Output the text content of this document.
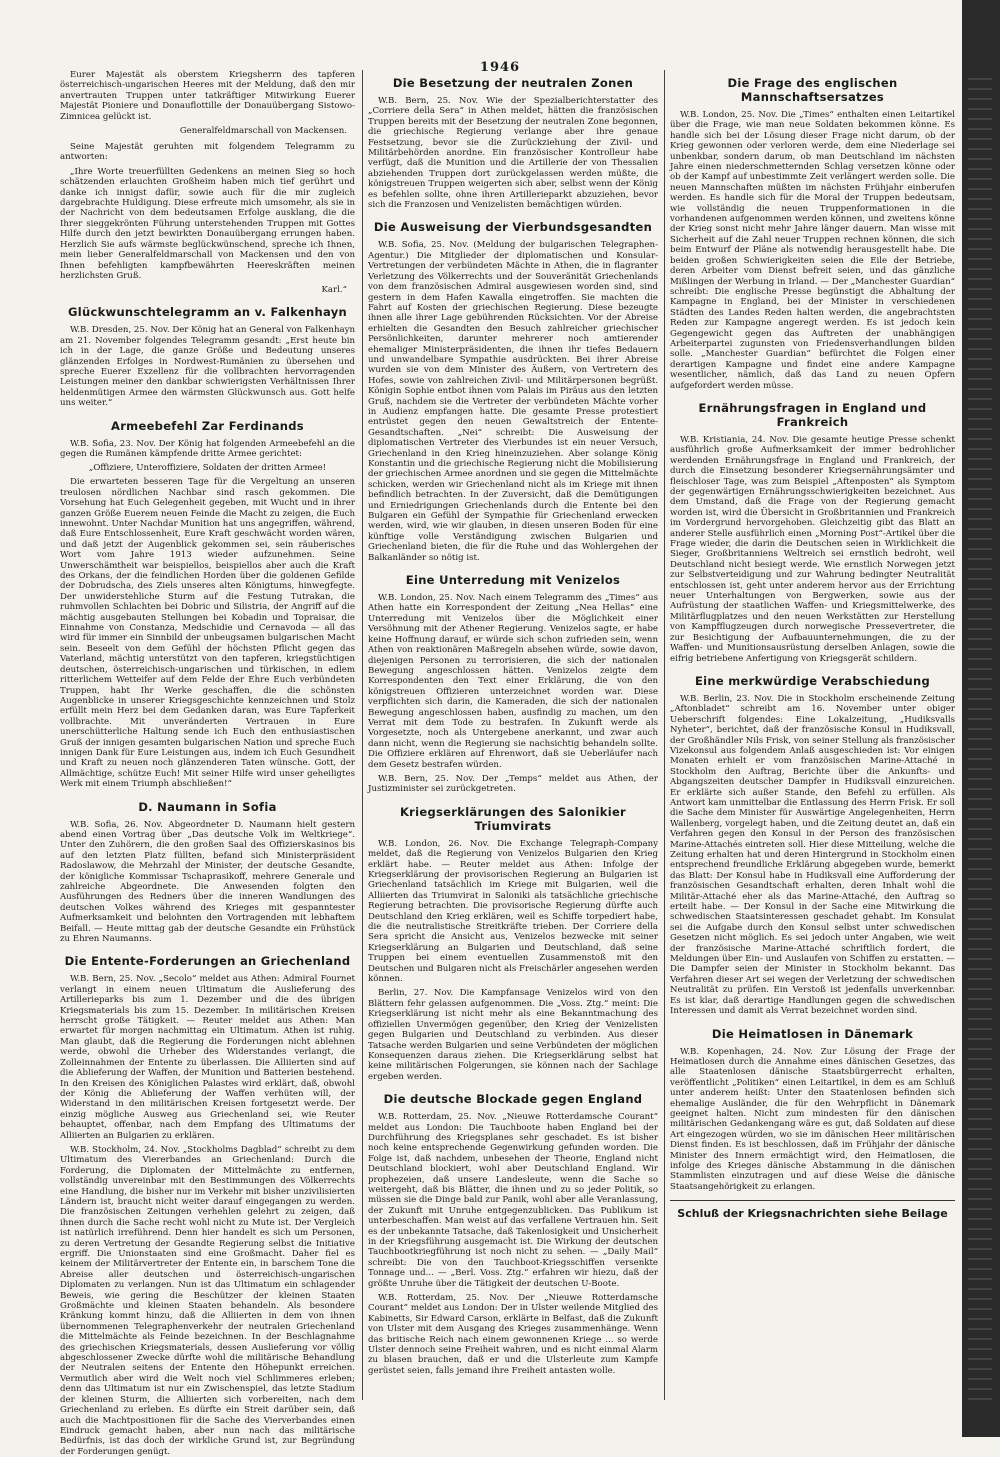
1946

Eurer Majestät als oberstem Kriegsherrn des tapferen österreichisch-ungarischen Heeres mit der Meldung, daß den mir anvertrauten Truppen unter tatkräftiger Mitwirkung Euerer Majestät Pioniere und Donauflottille der Donauübergang Sistowo-Zimnicea gelückt ist.

Generalfeldmarschall von Mackensen.

Seine Majestät geruhten mit folgendem Telegramm zu antworten:

„Ihre Worte treuerfüllten Gedenkens an meinen Sieg so hoch schätzenden erlauchten Großheim haben mich tief gerührt und danke ich innigst dafür, sowie auch für die mir zugleich dargebrachte Huldigung. Diese erfreute mich umsomehr, als sie in der Nachricht von dem bedeutsamen Erfolge ausklang, die die Ihrer sieggekrönten Führung unterstehenden Truppen mit Gottes Hilfe durch den jetzt bewirkten Donauübergang errungen haben. Herzlich Sie aufs wärmste beglückwünschend, spreche ich Ihnen, mein lieber Generalfeldmarschall von Mackensen und den von Ihnen befehligten kampfbewährten Heereskräften meinen herzlichsten Gruß.

Karl.“
Glückwunschtelegramm an v. Falkenhayn

W.B. Dresden, 25. Nov. Der König hat an General von Falkenhayn am 21. November folgendes Telegramm gesandt: „Erst heute bin ich in der Lage, die ganze Größe und Bedeutung unseres glänzenden Erfolges in Nordwest-Rumänien zu übersehen und spreche Euerer Exzellenz für die vollbrachten hervorragenden Leistungen meiner den dankbar schwierigsten Verhältnissen Ihrer heldenmütigen Armee den wärmsten Glückwunsch aus. Gott helfe uns weiter.“

Armeebefehl Zar Ferdinands

W.B. Sofia, 23. Nov. Der König hat folgenden Armeebefehl an die gegen die Rumänen kämpfende dritte Armee gerichtet:

„Offiziere, Unteroffiziere, Soldaten der dritten Armee!

Die erwarteten besseren Tage für die Vergeltung an unseren treulosen nördlichen Nachbar sind rasch gekommen. Die Vorsehung hat Euch Gelegenheit gegeben, mit Wucht und in ihrer ganzen Größe Euerem neuen Feinde die Macht zu zeigen, die Euch innewohnt. Unter Nachdar Munition hat uns angegriffen, während, daß Eure Entschlossenheit, Eure Kraft geschwächt worden wären, und daß jetzt der Augenblick gekommen sei, sein räuberisches Wort vom Jahre 1913 wieder aufzunehmen. Seine Unwerschämtheit war beispiellos, beispiellos aber auch die Kraft des Orkans, der die feindlichen Horden über die goldenen Gefilde der Dobrudscha, des Ziels unseres alten Königtums, hinwegfegte. Der unwiderstehliche Sturm auf die Festung Tutrakan, die ruhmvollen Schlachten bei Dobric und Silistria, der Angriff auf die mächtig ausgebauten Stellungen bei Kobadin und Topraisar, die Einnahme von Constanza, Medschidie und Cernavoda — all das wird für immer ein Sinnbild der unbeugsamen bulgarischen Macht sein. Beseelt von dem Gefühl der höchsten Pflicht gegen das Vaterland, mächtig unterstützt von den tapferen, kriegstüchtigen deutschen, österreichisch-ungarischen und türkischen, in edlem ritterlichem Wetteifer auf dem Felde der Ehre Euch verbündeten Truppen, habt Ihr Werke geschaffen, die die schönsten Augenblicke in unserer Kriegsgeschichte kennzeichnen und Stolz erfüllt mein Herz bei dem Gedanken daran, was Eure Tapferkeit vollbrachte. Mit unveränderten Vertrauen in Eure unerschütterliche Haltung sende ich Euch den enthusiastischen Gruß der innigen gesamten bulgarischen Nation und spreche Euch innigen Dank für Eure Leistungen aus, indem ich Euch Gesundheit und Kraft zu neuen noch glänzenderen Taten wünsche. Gott, der Allmächtige, schütze Euch! Mit seiner Hilfe wird unser geheiligtes Werk mit einem Triumph abschließen!“

D. Naumann in Sofia

W.B. Sofia, 26. Nov. Abgeordneter D. Naumann hielt gestern abend einen Vortrag über „Das deutsche Volk im Weltkriege“. Unter den Zuhörern, die den großen Saal des Offizierskasinos bis auf den letzten Platz füllten, befand sich Ministerpräsident Radoslawow, die Mehrzahl der Minister, der deutsche Gesandte, der königliche Kommissar Tschaprasikoff, mehrere Generale und zahlreiche Abgeordnete. Die Anwesenden folgten den Ausführungen des Redners über die inneren Wandlungen des deutschen Volkes während des Krieges mit gespanntester Aufmerksamkeit und belohnten den Vortragenden mit lebhaftem Beifall. — Heute mittag gab der deutsche Gesandte ein Frühstück zu Ehren Naumanns.

Die Entente-Forderungen an Griechenland

W.B. Bern, 25. Nov. „Secolo“ meldet aus Athen: Admiral Fournet verlangt in einem neuen Ultimatum die Auslieferung des Artillerieparks bis zum 1. Dezember und die des übrigen Kriegsmaterials bis zum 15. Dezember. In militärischen Kreisen herrscht große Tätigkeit. — Reuter meldet aus Athen: Man erwartet für morgen nachmittag ein Ultimatum. Athen ist ruhig. Man glaubt, daß die Regierung die Forderungen nicht ablehnen werde, obwohl die Urheber des Widerstandes verlangt, die Zolleinnahmen der Entente zu überlassen. Die Alliierten sind auf die Ablieferung der Waffen, der Munition und Batterien bestehend. In den Kreisen des Königlichen Palastes wird erklärt, daß, obwohl der König die Ablieferung der Waffen verhüten will, der Widerstand in den militärischen Kreisen fortgesetzt werde. Der einzig mögliche Ausweg aus Griechenland sei, wie Reuter behauptet, offenbar, nach dem Empfang des Ultimatums der Alliierten an Bulgarien zu erklären.

W.B. Stockholm, 24. Nov. „Stockholms Dagblad“ schreibt zu dem Ultimatum des Viererbandes an Griechenland: Durch die Forderung, die Diplomaten der Mittelmächte zu entfernen, vollständig unvereinbar mit den Bestimmungen des Völkerrechts eine Handlung, die bisher nur im Verkehr mit bisher unzivilisierten Ländern ist, braucht nicht weiter darauf eingegangen zu werden. Die französischen Zeitungen verhehlen gelehrt zu zeigen, daß ihnen durch die Sache recht wohl nicht zu Mute ist. Der Vergleich ist natürlich irreführend. Denn hier handelt es sich um Personen, zu deren Vertretung der Gesandte Regierung selbst die Initiative ergriff. Die Unionstaaten sind eine Großmacht. Daher fiel es keinem der Militärvertreter der Entente ein, in barschem Tone die Abreise aller deutschen und österreichisch-ungarischen Diplomaten zu verlangen. Nun ist das Ultimatum ein schlagender Beweis, wie gering die Beschützer der kleinen Staaten Großmächte und kleinen Staaten behandeln. Als besondere Kränkung kommt hinzu, daß die Alliierten in dem von ihnen übernommenen Telegraphenverkehr der neutralen Griechenland die Mittelmächte als Feinde bezeichnen. In der Beschlagnahme des griechischen Kriegsmaterials, dessen Auslieferung vor völlig abgeschlossener Zwecke dürfte wohl die militärische Behandlung der Neutralen seitens der Entente den Höhepunkt erreichen. Vermutlich aber wird die Welt noch viel Schlimmeres erleben; denn das Ultimatum ist nur ein Zwischenspiel, das letzte Stadium der kleinen Sturm, die Alliierten sich vorbereiten, nach dem Griechenland zu erleben. Es dürfte ein Streit darüber sein, daß auch die Machtpositionen für die Sache des Vierverbandes einen Eindruck gemacht haben, aber nun nach das militärische Bedürfnis, ist das doch der wirkliche Grund ist, zur Begründung der Forderungen genügt.

Die Besetzung der neutralen Zonen

W.B. Bern, 25. Nov. Wie der Spezialberichterstatter des „Corriere della Sera“ in Athen meldet, hätten die französischen Truppen bereits mit der Besetzung der neutralen Zone begonnen, die griechische Regierung verlange aber ihre genaue Festsetzung, bevor sie die Zurückziehung der Zivil- und Militärbehörden anordne. Ein französischer Kontrolleur habe verfügt, daß die Munition und die Artillerie der von Thessalien abziehenden Truppen dort zurückgelassen werden müßte, die königstreuen Truppen weigerten sich aber, selbst wenn der König es befehlen sollte, ohne ihren Artillerieparkt abzuziehen, bevor sich die Franzosen und Venizelisten bemächtigen würden.

Die Ausweisung der Vierbundsgesandten

W.B. Sofia, 25. Nov. (Meldung der bulgarischen Telegraphen-Agentur.) Die Mitglieder der diplomatischen und Konsular-Vertretungen der verbündeten Mächte in Athen, die in flagranter Verletzung des Völkerrechts und der Souveränität Griechenlands von dem französischen Admiral ausgewiesen worden sind, sind gestern in dem Hafen Kawalla eingetroffen. Sie machten die Fahrt auf Kosten der griechischen Regierung. Diese bezeugte ihnen alle ihrer Lage gebührenden Rücksichten. Vor der Abreise erhielten die Gesandten den Besuch zahlreicher griechischer Persönlichkeiten, darunter mehrerer noch amtierender ehemaliger Ministerpräsidenten, die ihnen ihr tiefes Bedauern und unwandelbare Sympathie ausdrückten. Bei ihrer Abreise wurden sie von dem Minister des Äußern, von Vertretern des Hofes, sowie von zahlreichen Zivil- und Militärpersonen begrüßt. Königin Sophie entbot ihnen vom Palais im Piräus aus den letzten Gruß, nachdem sie die Vertreter der verbündeten Mächte vorher in Audienz empfangen hatte. Die gesamte Presse protestiert entrüstet gegen den neuen Gewaltstreich der Entente-Gesandtschaften. „Nei“ schreibt: Die Ausweisung der diplomatischen Vertreter des Vierbundes ist ein neuer Versuch, Griechenland in den Krieg hineinzuziehen. Aber solange König Konstantin und die griechische Regierung nicht die Mobilisierung der griechischen Armee anordnen und sie gegen die Mittelmächte schicken, werden wir Griechenland nicht als im Kriege mit ihnen befindlich betrachten. In der Zuversicht, daß die Demütigungen und Erniedrigungen Griechenlands durch die Entente bei den Bulgaren ein Gefühl der Sympathie für Griechenland erwecken werden, wird, wie wir glauben, in diesen unseren Boden für eine künftige volle Verständigung zwischen Bulgarien und Griechenland bieten, die für die Ruhe und das Wohlergehen der Balkanländer so nötig ist.

Eine Unterredung mit Venizelos

W.B. London, 25. Nov. Nach einem Telegramm des „Times“ aus Athen hatte ein Korrespondent der Zeitung „Nea Hellas“ eine Unterredung mit Venizelos über die Möglichkeit einer Versöhnung mit der Athener Regierung. Venizelos sagte, er habe keine Hoffnung darauf, er würde sich schon zufrieden sein, wenn Athen von reaktionären Maßregeln absehen würde, sowie davon, diejenigen Personen zu terrorisieren, die sich der nationalen Bewegung angeschlossen hätten. Venizelos zeigte dem Korrespondenten den Text einer Erklärung, die von den königstreuen Offizieren unterzeichnet worden war. Diese verpflichten sich darin, die Kameraden, die sich der nationalen Bewegung angeschlossen haben, ausfindig zu machen, um den Verrat mit dem Tode zu bestrafen. In Zukunft werde als Vorgesetzte, noch als Untergebene anerkannt, und zwar auch dann nicht, wenn die Regierung sie nachsichtig behandeln sollte. Die Offiziere erklären auf Ehrenwort, daß sie Ueberläufer nach dem Gesetz bestrafen würden.

W.B. Bern, 25. Nov. Der „Temps“ meldet aus Athen, der Justizminister sei zurückgetreten.

Kriegserklärungen des Salonikier Triumvirats

W.B. London, 26. Nov. Die Exchange Telegraph-Company meldet, daß die Regierung von Venizelos Bulgarien den Krieg erklärt habe. — Reuter meldet aus Athen: Infolge der Kriegserklärung der provisorischen Regierung an Bulgarien ist Griechenland tatsächlich im Kriege mit Bulgarien, weil die Alliierten das Triumvirat in Saloniki als tatsächliche griechische Regierung betrachten. Die provisorische Regierung dürfte auch Deutschland den Krieg erklären, weil es Schiffe torpediert habe, die die neutralistische Streitkräfte trieben. Der Corriere della Sera spricht die Ansicht aus, Venizelos bezwecke mit seiner Kriegserklärung an Bulgarien und Deutschland, daß seine Truppen bei einem eventuellen Zusammenstoß mit den Deutschen und Bulgaren nicht als Freischärler angesehen werden können.

Berlin, 27. Nov. Die Kampfansage Venizelos wird von den Blättern fehr gelassen aufgenommen. Die „Voss. Ztg.“ meint: Die Kriegserklärung ist nicht mehr als eine Bekanntmachung des offiziellen Unvermögen gegenüber, den Krieg der Venizelisten gegen Bulgarien und Deutschland zu verbinden. Aus dieser Tatsache werden Bulgarien und seine Verbündeten der möglichen Konsequenzen daraus ziehen. Die Kriegserklärung selbst hat keine militärischen Folgerungen, sie können nach der Sachlage ergeben werden.

Die deutsche Blockade gegen England

W.B. Rotterdam, 25. Nov. „Nieuwe Rotterdamsche Courant“ meldet aus London: Die Tauchboote haben England bei der Durchführung des Kriegsplanes sehr geschadet. Es ist bisher noch keine entsprechende Gegenwirkung gefunden worden. Die Folge ist, daß nachdem, unbesehen der Theorie, England nicht Deutschland blockiert, wohl aber Deutschland England. Wir prophezeien, daß unsere Landesleute, wenn die Sache so weitergeht, daß bis Blätter, die ihnen und zu so jeder Politik, so müssen sie die Dinge bald zur Panik, wohl aber alle Veranlassung, der Zukunft mit Unruhe entgegenzublicken. Das Publikum ist unterbeschaffen. Man weist auf das verfallene Vertrauen hin. Seit es der unbekannte Tatsache, daß Takenlosigkeit und Unsicherheit in der Kriegsführung ausgemacht ist. Die Wirkung der deutschen Tauchbootkriegführung ist noch nicht zu sehen. — „Daily Mail“ schreibt: Die von den Tauchboot-Kriegsschiffen versenkte Tonnage und... — „Berl. Voss. Ztg.“ erfahren wir hiezu, daß der größte Unruhe über die Tätigkeit der deutschen U-Boote.

W.B. Rotterdam, 25. Nov. Der „Nieuwe Rotterdamsche Courant“ meldet aus London: Der in Ulster weilende Mitglied des Kabinetts, Sir Edward Carson, erklärte in Belfast, daß die Zukunft von Ulster mit dem Ausgang des Krieges zusammenhänge. Wenn das britische Reich nach einem gewonnenen Kriege ... so werde Ulster dennoch seine Freiheit wahren, und es nicht einmal Alarm zu blasen brauchen, daß er und die Ulsterleute zum Kampfe gerüstet seien, falls jemand ihre Freiheit antasten wolle.

Die Frage des englischen Mannschaftsersatzes

W.B. London, 25. Nov. Die „Times“ enthalten einen Leitartikel über die Frage, wie man neue Soldaten bekommen könne. Es handle sich bei der Lösung dieser Frage nicht darum, ob der Krieg gewonnen oder verloren werde, dem eine Niederlage sei unbenkbar, sondern darum, ob man Deutschland im nächsten Jahre einen niederschmetternden Schlag versetzen könne oder ob der Kampf auf unbestimmte Zeit verlängert werden solle. Die neuen Mannschaften müßten im nächsten Frühjahr einberufen werden. Es handle sich für die Moral der Truppen bedeutsam, wie vollständig die neuen Truppenformationen in die vorhandenen aufgenommen werden können, und zweitens könne der Krieg sonst nicht mehr Jahre länger dauern. Man wisse mit Sicherheit auf die Zahl neuer Truppen rechnen können, die sich beim Entwurf der Pläne als notwendig herausgestellt habe. Die beiden großen Schwierigkeiten seien die Eile der Betriebe, deren Arbeiter vom Dienst befreit seien, und das gänzliche Mißlingen der Werbung in Irland. — Der „Manchester Guardian“ schreibt: Die englische Presse begünstigt die Abhaltung der Kampagne in England, bei der Minister in verschiedenen Städten des Landes Reden halten werden, die angebrachtsten Reden zur Kampagne angeregt werden. Es ist jedoch kein Gegengewicht gegen das Auftreten der unabhängigen Arbeiterpartei zugunsten von Friedensverhandlungen bilden solle. „Manchester Guardian“ befürchtet die Folgen einer derartigen Kampagne und findet eine andere Kampagne wesentlicher, nämlich, daß das Land zu neuen Opfern aufgefordert werden müsse.

Ernährungsfragen in England und Frankreich

W.B. Kristiania, 24. Nov. Die gesamte heutige Presse schenkt ausführlich große Aufmerksamkeit der immer bedrohlicher werdenden Ernährungsfrage in England und Frankreich, der durch die Einsetzung besonderer Kriegsernährungsämter und fleischloser Tage, was zum Beispiel „Aftenposten“ als Symptom der gegenwärtigen Ernährungsschwierigkeiten bezeichnet. Aus dem Umstand, daß die Frage von der Regierung gemacht worden ist, wird die Übersicht in Großbritannien und Frankreich im Vordergrund hervorgehoben. Gleichzeitig gibt das Blatt an anderer Stelle ausführlich einen „Morning Post“-Artikel über die Frage wieder, die darin die Deutschen seien in Wirklichkeit die Sieger, Großbritanniens Weltreich sei ernstlich bedroht, weil Deutschland nicht besiegt werde. Wie ernstlich Norwegen jetzt zur Selbstverteidigung und zur Wahrung bedingter Neutralität entschlossen ist, geht unter anderem hervor aus der Errichtung neuer Unterhaltungen von Bergwerken, sowie aus der Aufrüstung der staatlichen Waffen- und Kriegsmittelwerke, des Militärflugplatzes und den neuen Werkstätten zur Herstellung von Kampfflugzeugen durch norwegische Pressevertreter, die zur Besichtigung der Aufbauunternehmungen, die zu der Waffen- und Munitionsausrüstung derselben Anlagen, sowie die eifrig betriebene Anfertigung von Kriegsgerät schildern.

Eine merkwürdige Verabschiedung

W.B. Berlin, 23. Nov. Die in Stockholm erscheinende Zeitung „Aftonbladet“ schreibt am 16. November unter obiger Ueberschrift folgendes: Eine Lokalzeitung, „Hudiksvalls Nyheter“, berichtet, daß der französische Konsul in Hudiksvall, der Großhändler Nils Frisk, von seiner Stellung als französischer Vizekonsul aus folgendem Anlaß ausgeschieden ist: Vor einigen Monaten erhielt er vom französischen Marine-Attaché in Stockholm den Auftrag, Berichte über die Ankunfts- und Abgangszeiten deutscher Dampfer in Hudiksvall einzureichen. Er erklärte sich außer Stande, den Befehl zu erfüllen. Als Antwort kam unmittelbar die Entlassung des Herrn Frisk. Er soll die Sache dem Minister für Auswärtige Angelegenheiten, Herrn Wallenberg, vorgelegt haben, und die Zeitung deutet an, daß ein Verfahren gegen den Konsul in der Person des französischen Marine-Attachés eintreten soll. Hier diese Mitteilung, welche die Zeitung erhalten hat und deren Hintergrund in Stockholm einen entsprechend freundliche Erklärung abgegeben wurde, bemerkt das Blatt: Der Konsul habe in Hudiksvall eine Aufforderung der französischen Gesandtschaft erhalten, deren Inhalt wohl die Militär-Attaché eher als das Marine-Attaché, den Auftrag so erteilt habe. — Der Konsul in der Sache eine Mitwirkung die schwedischen Staatsinteressen geschadet gehabt. Im Konsulat sei die Aufgabe durch den Konsul selbst unter schwedischen Gesetzen nicht möglich. Es sei jedoch unter Angaben, wie weit der französische Marine-Attaché schriftlich fordert, die Meldungen über Ein- und Auslaufen von Schiffen zu erstatten. — Die Dampfer seien der Minister in Stockholm bekannt. Das Verfahren dieser Art sei wegen der Verletzung der schwedischen Neutralität zu prüfen. Ein Verstoß ist jedenfalls unverkennbar. Es ist klar, daß derartige Handlungen gegen die schwedischen Interessen und damit als Verrat bezeichnet worden sind.

Die Heimatlosen in Dänemark

W.B. Kopenhagen, 24. Nov. Zur Lösung der Frage der Heimatlosen durch die Annahme eines dänischen Gesetzes, das alle Staatenlosen dänische Staatsbürgerrecht erhalten, veröffentlicht „Politiken“ einen Leitartikel, in dem es am Schluß unter anderem heißt: Unter den Staatenlosen befinden sich ehemalige Ausländer, die für den Wehrpflicht in Dänemark geeignet halten. Nicht zum mindesten für den dänischen militärischen Gedankengang wäre es gut, daß Soldaten auf diese Art eingezogen würden, wo sie im dänischen Heer militärischen Dienst finden. Es ist beschlossen, daß im Frühjahr der dänische Minister des Innern ermächtigt wird, den Heimatlosen, die infolge des Krieges dänische Abstammung in die dänischen Stammlisten einzutragen und auf diese Weise die dänische Staatsangehörigkeit zu erlangen.

Schluß der Kriegsnachrichten siehe Beilage
